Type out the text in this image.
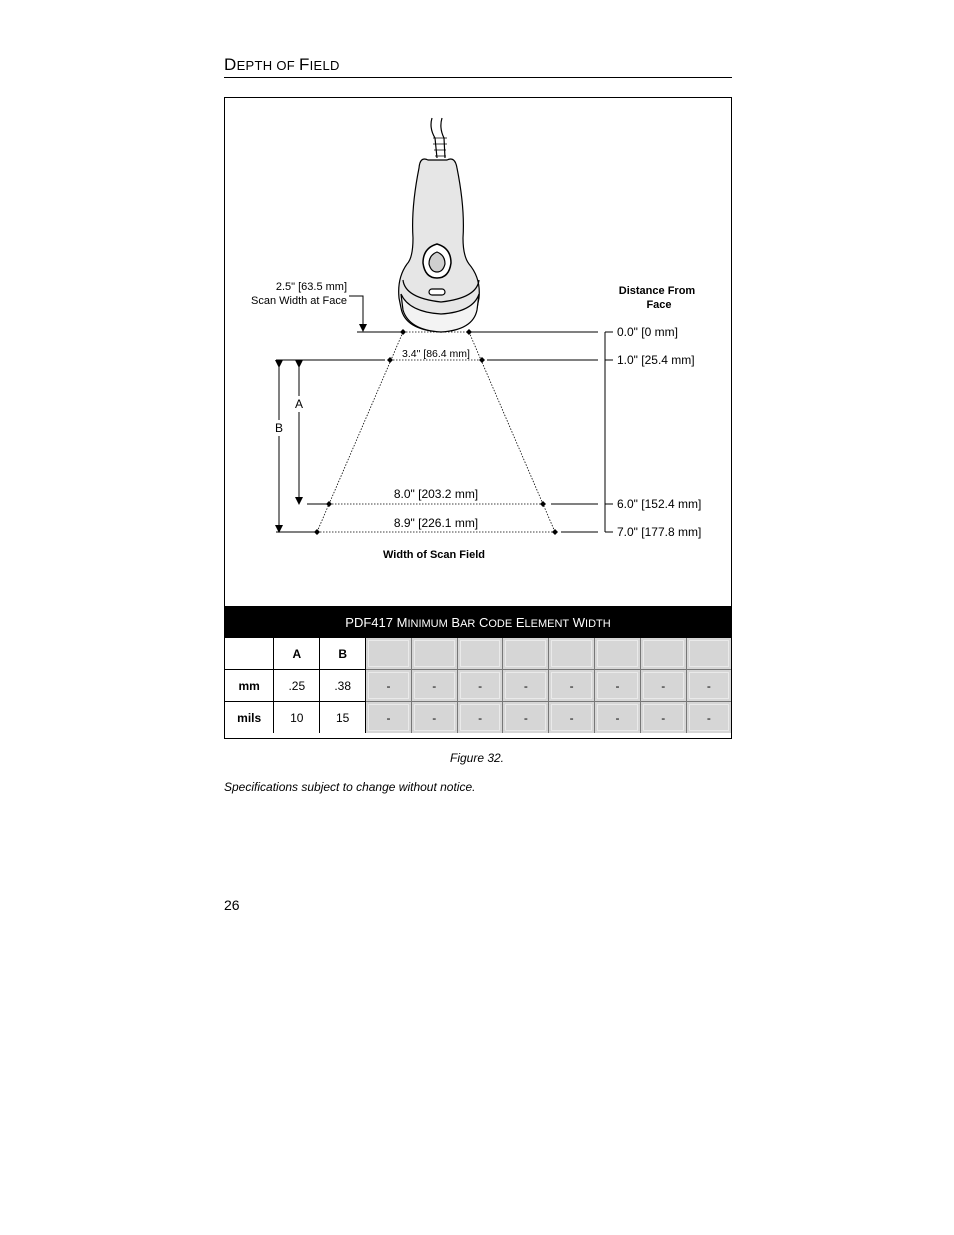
DEPTH OF FIELD
2.5" [63.5 mm]
Scan Width at Face
A
B
3.4" [86.4 mm]
8.0" [203.2 mm]
8.9" [226.1 mm]
Width of Scan Field
Distance From
Face
0.0" [0 mm]
1.0" [25.4 mm]
6.0" [152.4 mm]
7.0" [177.8 mm]
PDF417
MINIMUM
BAR
CODE
ELEMENT
WIDTH
	A	B								
mm	.25	.38	-	-	-	-	-	-	-	-
mils	10	15	-	-	-	-	-	-	-	-
Figure 32.
Specifications subject to change without notice.
26
